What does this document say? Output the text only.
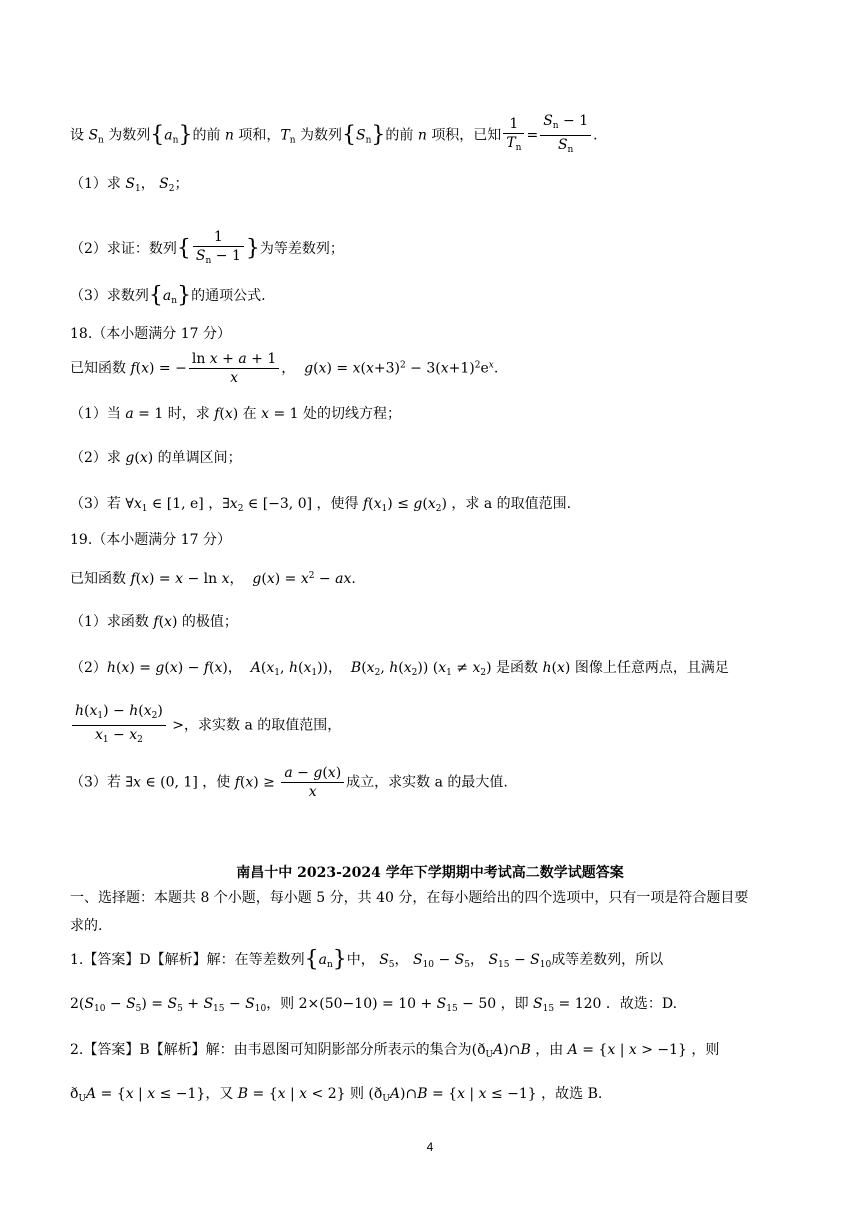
设 $S_n$ 为数列$\{a_n\}$的前 n 项和，$T_n$ 为数列$\{S_n\}$的前 n 项积，已知 $\frac{1}{T_n} = \frac{S_n - 1}{S_n}$ .
（1）求 $S_1$， $S_2$；
（2）求证：数列{ $\frac{1}{S_n - 1}$ }为等差数列；
（3）求数列$\{a_n\}$的通项公式.
18.（本小题满分 17 分）
已知函数 f(x) = − $\frac{\text{ln x + a + 1}}{x}$ ，  $g(x) = x(x+3)^2 - 3(x+1)^2e^x$.
（1）当 a = 1 时，求 f(x) 在 x = 1 处的切线方程；
（2）求 g(x) 的单调区间；
（3）若 $\forall x_1$ ∈ [1, e] ，$\exists x_2$ ∈ [−3, 0] ，使得 $f(x_1) \le g(x_2)$ ，求 a 的取值范围.
19.（本小题满分 17 分）
已知函数 f(x) = x − ln x，  $g(x) = x^2$ − ax.
（1）求函数 f(x) 的极值；
（2）h(x) = g(x) − f(x)，  $A(x_1$, $h(x_1)$)，  $B(x_2$, $h(x_2)$) $(x_1 \ne x_2)$ 是函数 h(x) 图像上任意两点，且满足
$\frac{h(x_1) - h(x_2)}{x_1 - x_2}$ >，求实数 a 的取值范围，
（3）若 ∃x ∈ (0, 1] ，使 $f(x) \ge \frac{a - g(x)}{x}$ 成立，求实数 a 的最大值.
南昌十中 2023-2024 学年下学期期中考试高二数学试题答案
一、选择题：本题共 8 个小题，每小题 5 分，共 40 分，在每小题给出的四个选项中，只有一项是符合题目要
求的.
1.【答案】D【解析】解：在等差数列$\{a_n\}$中， $S_5$， $S_{10} - S_5$， $S_{15} - S_{10}$成等差数列，所以
$2(S_{10} - S_5) = S_5 + S_{15} - S_{10}$，则 $2\times(50-10) = 10 + S_{15} - 50$ ，即 $S_{15} = 120$ ．故选：D.
2.【答案】B【解析】解：由韦恩图可知阴影部分所表示的集合为$(ð_UA)\cap B$ ，由 A = {x | x > −1} ，则
$ð_UA = \{x$ | x ≤ −1}，又 B = {x | x < 2} 则 $(ð_UA)\cap B = \{x$ | x ≤ −1} ，故选 B.
4
